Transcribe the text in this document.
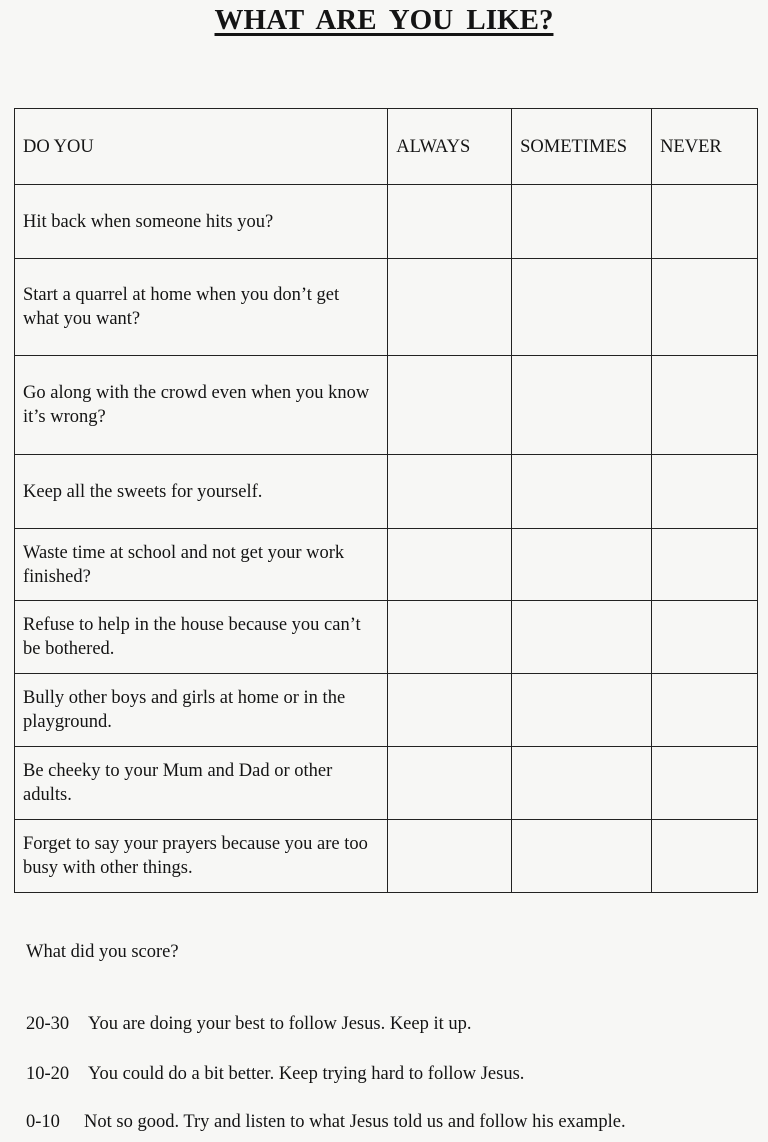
WHAT ARE YOU LIKE?
DO YOU	ALWAYS	SOMETIMES	NEVER
Hit back when someone hits you?			
Start a quarrel at home when you don’t get what you want?			
Go along with the crowd even when you know it’s wrong?			
Keep all the sweets for yourself.			
Waste time at school and not get your work finished?			
Refuse to help in the house because you can’t be bothered.			
Bully other boys and girls at home or in the playground.			
Be cheeky to your Mum and Dad or other adults.			
Forget to say your prayers because you are too busy with other things.			
What did you score?
20-30 You are doing your best to follow Jesus. Keep it up.
10-20 You could do a bit better. Keep trying hard to follow Jesus.
0-10 Not so good. Try and listen to what Jesus told us and follow his example.
